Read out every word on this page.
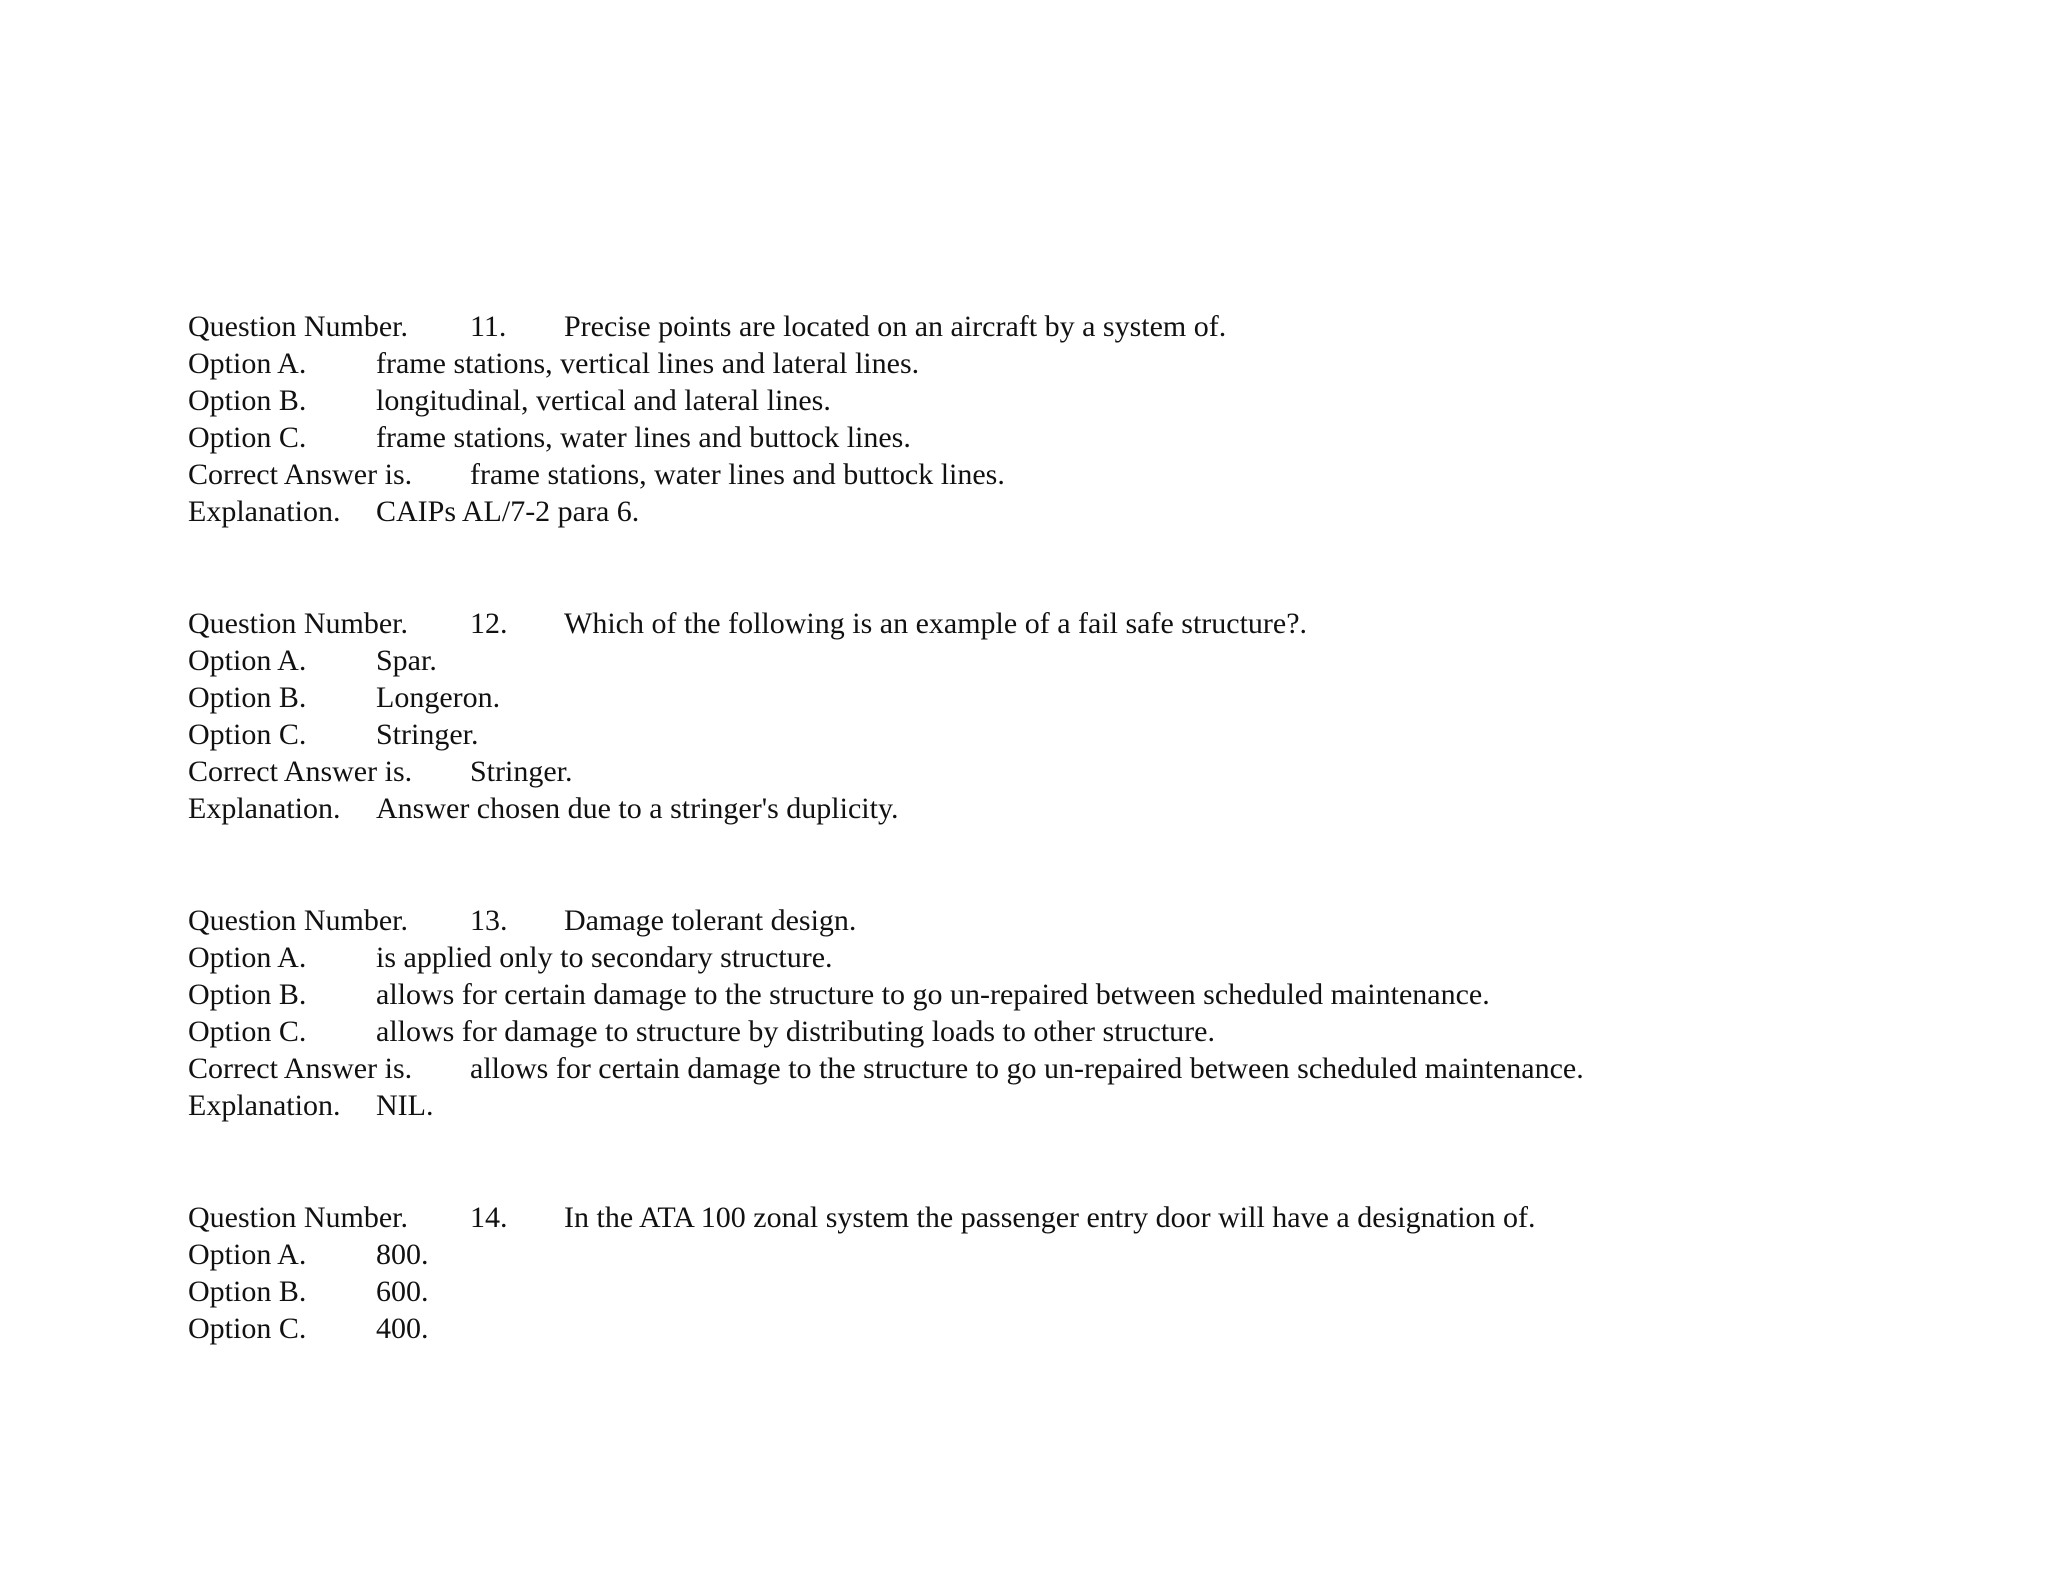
Question Number. 11. Precise points are located on an aircraft by a system of.
Option A. frame stations, vertical lines and lateral lines.
Option B. longitudinal, vertical and lateral lines.
Option C. frame stations, water lines and buttock lines.
Correct Answer is. frame stations, water lines and buttock lines.
Explanation. CAIPs AL/7-2 para 6.
Question Number. 12. Which of the following is an example of a fail safe structure?.
Option A. Spar.
Option B. Longeron.
Option C. Stringer.
Correct Answer is. Stringer.
Explanation. Answer chosen due to a stringer's duplicity.
Question Number. 13. Damage tolerant design.
Option A. is applied only to secondary structure.
Option B. allows for certain damage to the structure to go un-repaired between scheduled maintenance.
Option C. allows for damage to structure by distributing loads to other structure.
Correct Answer is. allows for certain damage to the structure to go un-repaired between scheduled maintenance.
Explanation. NIL.
Question Number. 14. In the ATA 100 zonal system the passenger entry door will have a designation of.
Option A. 800.
Option B. 600.
Option C. 400.
